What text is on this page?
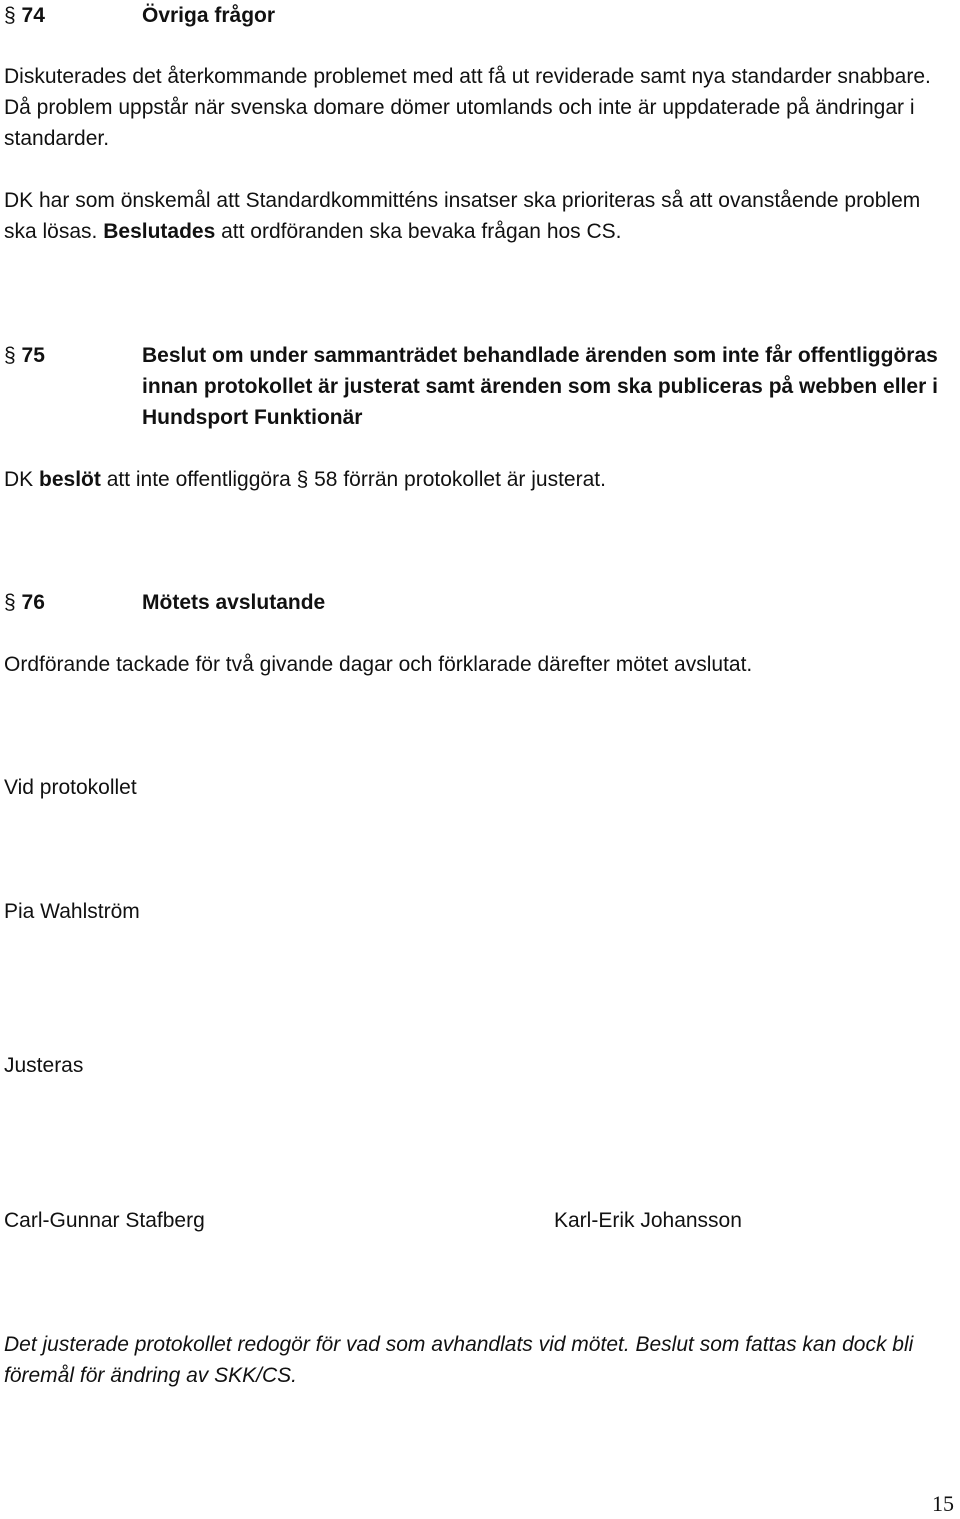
§ 74	Övriga frågor
Diskuterades det återkommande problemet med att få ut reviderade samt nya standarder snabbare. Då problem uppstår när svenska domare dömer utomlands och inte är uppdaterade på ändringar i standarder.
DK har som önskemål att Standardkommitténs insatser ska prioriteras så att ovanstående problem ska lösas. Beslutades att ordföranden ska bevaka frågan hos CS.
§ 75	Beslut om under sammanträdet behandlade ärenden som inte får offentliggöras innan protokollet är justerat samt ärenden som ska publiceras på webben eller i Hundsport Funktionär
DK beslöt att inte offentliggöra § 58 förrän protokollet är justerat.
§ 76	Mötets avslutande
Ordförande tackade för två givande dagar och förklarade därefter mötet avslutat.
Vid protokollet
Pia Wahlström
Justeras
Carl-Gunnar Stafberg	Karl-Erik Johansson
Det justerade protokollet redogör för vad som avhandlats vid mötet. Beslut som fattas kan dock bli föremål för ändring av SKK/CS.
15
